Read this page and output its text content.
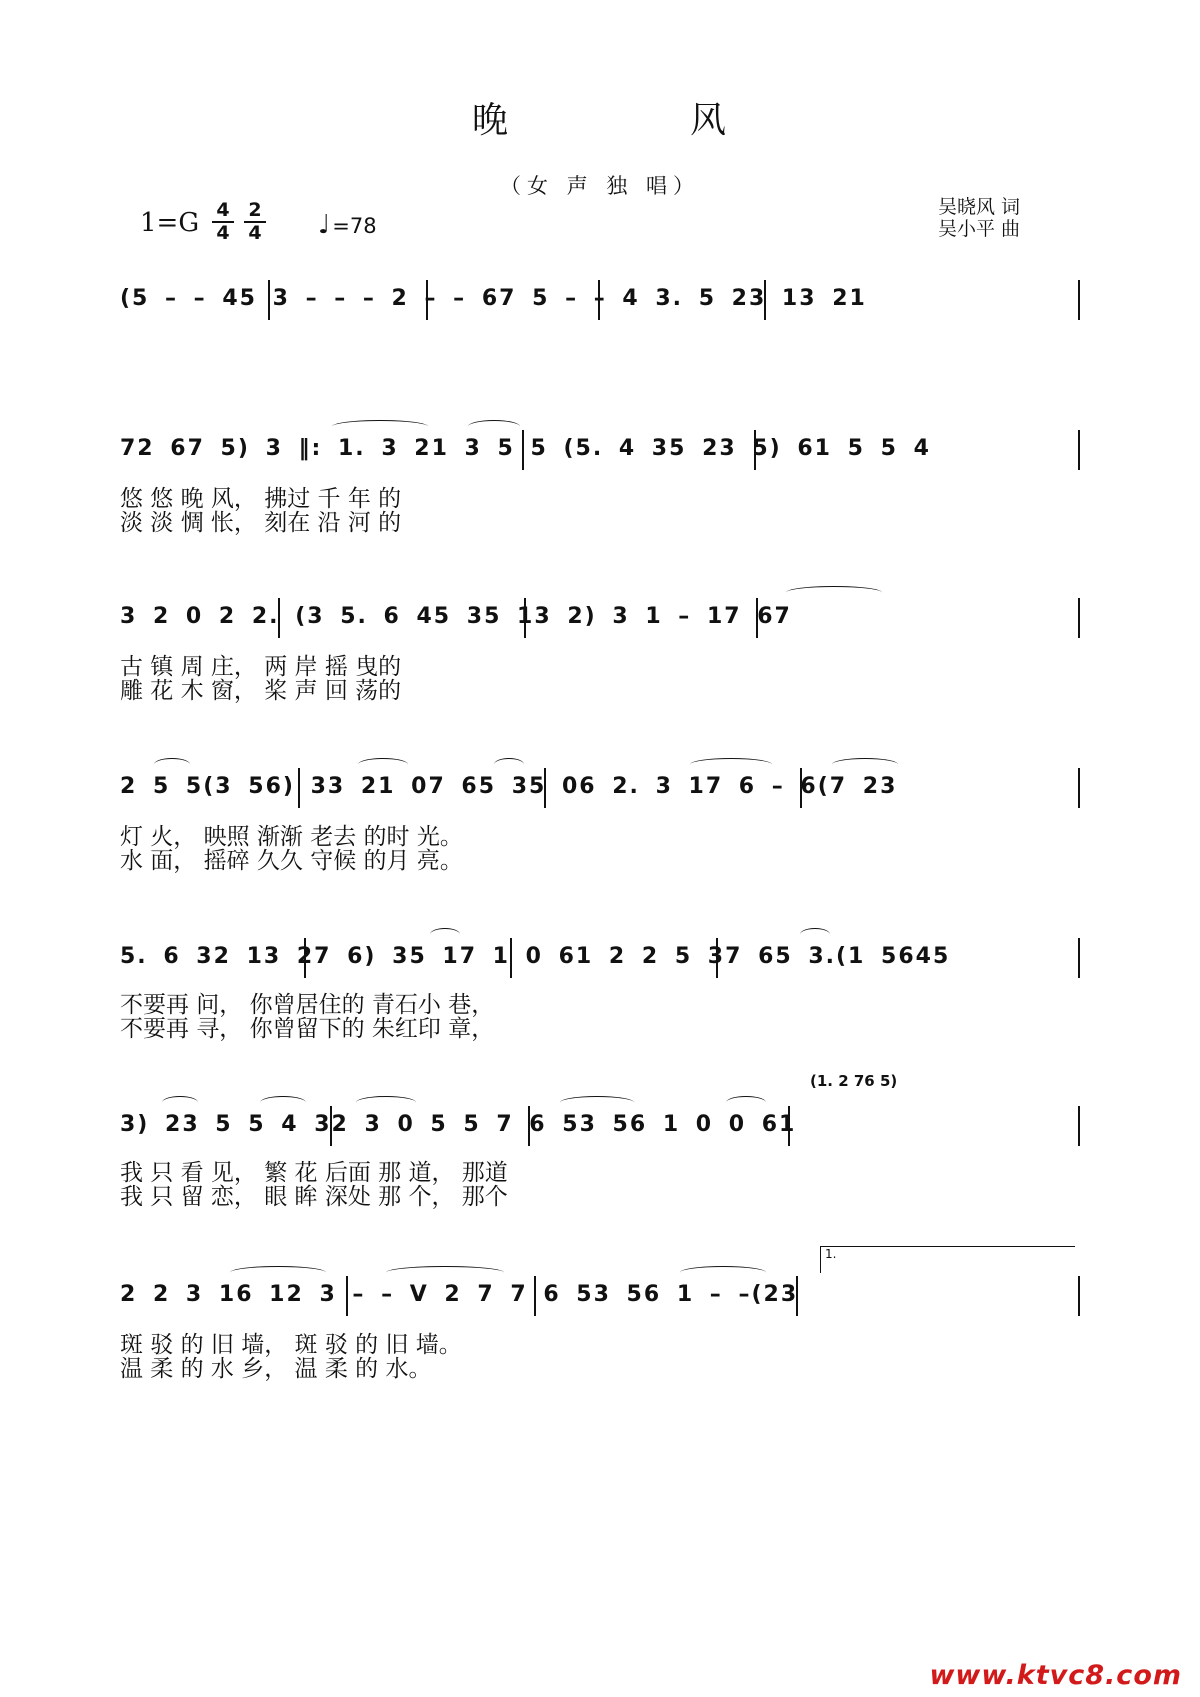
晚	风
（女 声 独 唱）
$1=G \frac{4}{4} \frac{2}{4}$ ♩=78
吴晓风 词
吴小平 曲
(5 – – 45 3 – – – 2 – – 67 5 – – 4 3. 5 23 13 21
72 67 5) 3 ‖: 1. 3 21 3 5 5 (5. 4 35 23 5) 61 5 5 4
悠 悠 晚 风， 拂过 千 年 的
淡 淡 惆 怅， 刻在 沿 河 的
3 2 0 2 2. (3 5. 6 45 35 13 2) 3 1 – 17 67
古 镇 周 庄， 两 岸 摇 曳的
雕 花 木 窗， 桨 声 回 荡的
2 5 5(3 56) 33 21 07 65 35 06 2. 3 17 6 – 6(7 23
灯 火， 映照 渐渐 老去 的时 光。
水 面， 摇碎 久久 守候 的月 亮。
5. 6 32 13 27 6) 35 17 1 0 61 2 2 5 37 65 3.(1 5645
不要再 问， 你曾居住的 青石小 巷，
不要再 寻， 你曾留下的 朱红印 章，
(1. 2 76 5)
3) 23 5 5 4 32 3 0 5 5 7 6 53 56 1 0 0 61
我 只 看 见， 繁 花 后面 那 道， 那道
我 只 留 恋， 眼 眸 深处 那 个， 那个
1.
2 2 3 16 12 3 – – V 2 7 7 6 53 56 1 – –(23
斑 驳 的 旧 墙， 斑 驳 的 旧 墙。
温 柔 的 水 乡， 温 柔 的 水。
www.ktvc8.com
